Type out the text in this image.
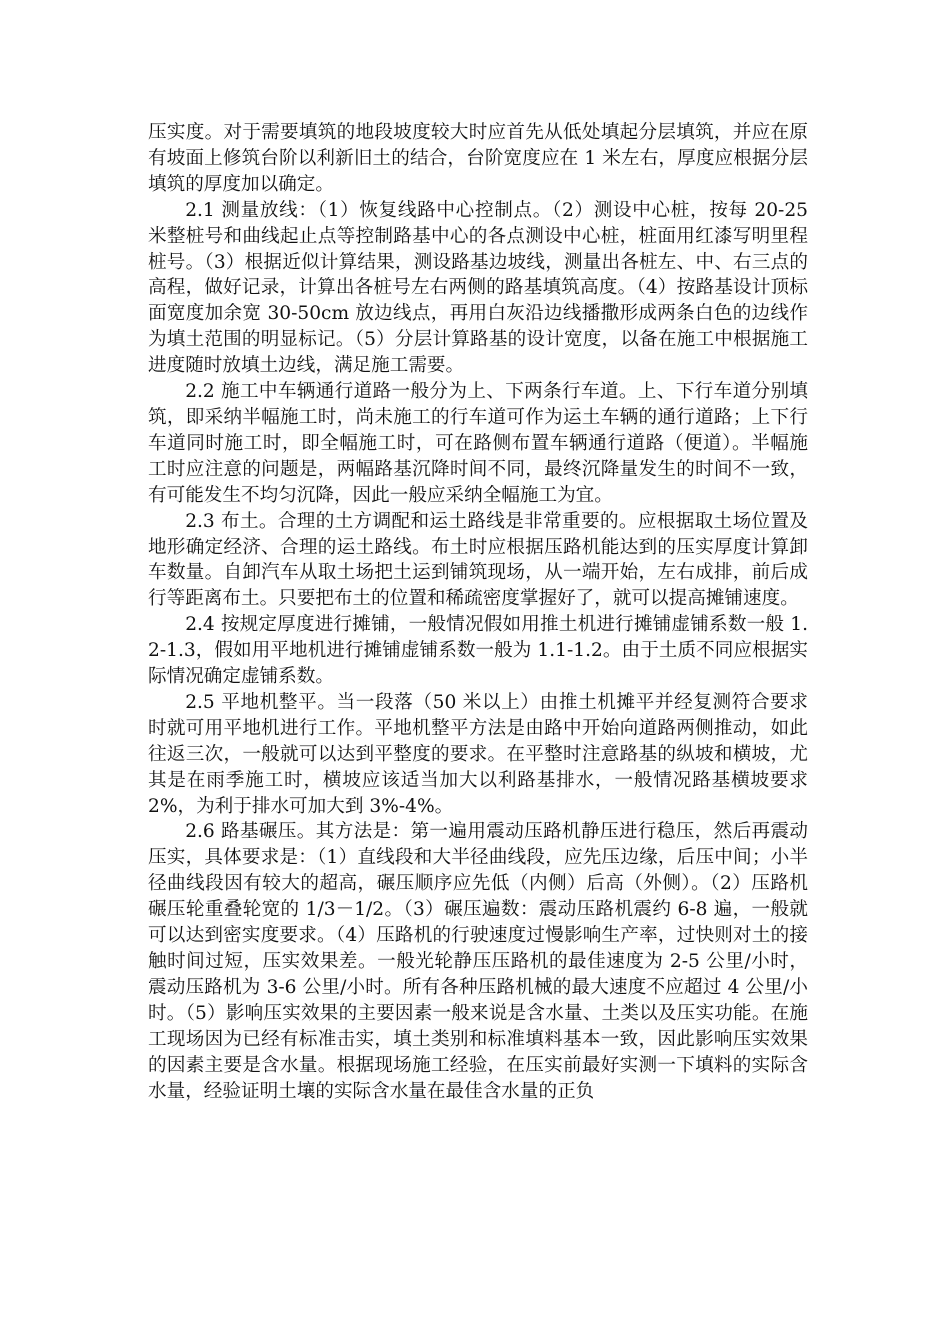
压实度。对于需要填筑的地段坡度较大时应首先从低处填起分层填筑，并应在原有坡面上修筑台阶以利新旧土的结合，台阶宽度应在 1 米左右，厚度应根据分层填筑的厚度加以确定。

2.1 测量放线：（1）恢复线路中心控制点。（2）测设中心桩，按每 20-25 米整桩号和曲线起止点等控制路基中心的各点测设中心桩，桩面用红漆写明里程桩号。（3）根据近似计算结果，测设路基边坡线，测量出各桩左、中、右三点的高程，做好记录，计算出各桩号左右两侧的路基填筑高度。（4）按路基设计顶标面宽度加余宽 30-50cm 放边线点，再用白灰沿边线播撒形成两条白色的边线作为填土范围的明显标记。（5）分层计算路基的设计宽度，以备在施工中根据施工进度随时放填土边线，满足施工需要。

2.2 施工中车辆通行道路一般分为上、下两条行车道。上、下行车道分别填筑，即采纳半幅施工时，尚未施工的行车道可作为运土车辆的通行道路；上下行车道同时施工时，即全幅施工时，可在路侧布置车辆通行道路（便道）。半幅施工时应注意的问题是，两幅路基沉降时间不同，最终沉降量发生的时间不一致，有可能发生不均匀沉降，因此一般应采纳全幅施工为宜。

2.3 布土。合理的土方调配和运土路线是非常重要的。应根据取土场位置及地形确定经济、合理的运土路线。布土时应根据压路机能达到的压实厚度计算卸车数量。自卸汽车从取土场把土运到铺筑现场，从一端开始，左右成排，前后成行等距离布土。只要把布土的位置和稀疏密度掌握好了，就可以提高摊铺速度。

2.4 按规定厚度进行摊铺，一般情况假如用推土机进行摊铺虚铺系数一般 1.2-1.3，假如用平地机进行摊铺虚铺系数一般为 1.1-1.2。由于土质不同应根据实际情况确定虚铺系数。

2.5 平地机整平。当一段落（50 米以上）由推土机摊平并经复测符合要求时就可用平地机进行工作。平地机整平方法是由路中开始向道路两侧推动，如此往返三次，一般就可以达到平整度的要求。在平整时注意路基的纵坡和横坡，尤其是在雨季施工时，横坡应该适当加大以利路基排水，一般情况路基横坡要求 2%，为利于排水可加大到 3%-4%。

2.6 路基碾压。其方法是：第一遍用震动压路机静压进行稳压，然后再震动压实，具体要求是：（1）直线段和大半径曲线段，应先压边缘，后压中间；小半径曲线段因有较大的超高，碾压顺序应先低（内侧）后高（外侧）。（2）压路机碾压轮重叠轮宽的 1/3－1/2。（3）碾压遍数：震动压路机震约 6-8 遍，一般就可以达到密实度要求。（4）压路机的行驶速度过慢影响生产率，过快则对土的接触时间过短，压实效果差。一般光轮静压压路机的最佳速度为 2-5 公里/小时，震动压路机为 3-6 公里/小时。所有各种压路机械的最大速度不应超过 4 公里/小时。（5）影响压实效果的主要因素一般来说是含水量、土类以及压实功能。在施工现场因为已经有标准击实，填土类别和标准填料基本一致，因此影响压实效果的因素主要是含水量。根据现场施工经验，在压实前最好实测一下填料的实际含水量，经验证明土壤的实际含水量在最佳含水量的正负
